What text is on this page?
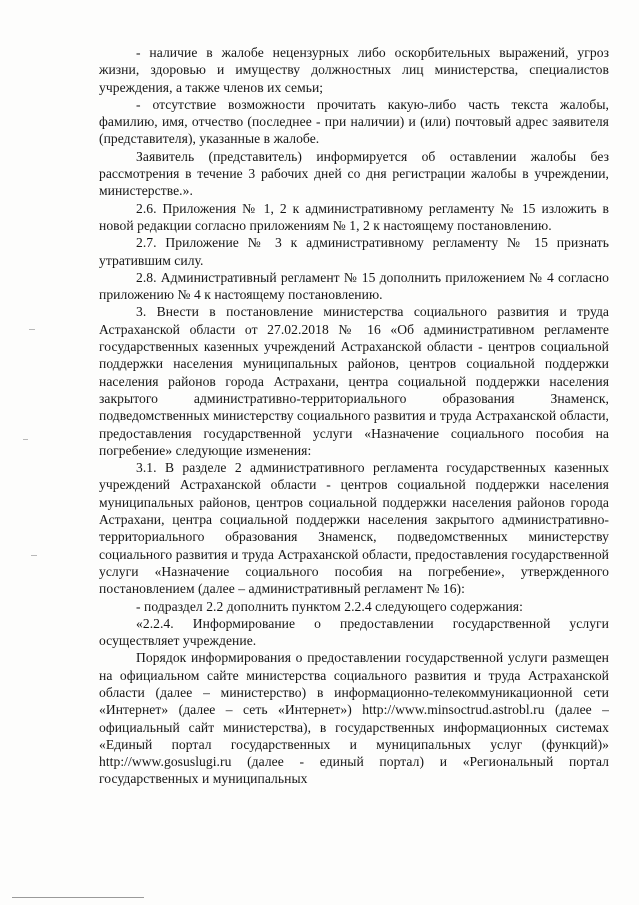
- наличие в жалобе нецензурных либо оскорбительных выражений, угроз жизни, здоровью и имуществу должностных лиц министерства, специалистов учреждения, а также членов их семьи;

- отсутствие возможности прочитать какую-либо часть текста жалобы, фамилию, имя, отчество (последнее - при наличии) и (или) почтовый адрес заявителя (представителя), указанные в жалобе.

Заявитель (представитель) информируется об оставлении жалобы без рассмотрения в течение 3 рабочих дней со дня регистрации жалобы в учреждении, министерстве.».

2.6. Приложения № 1, 2 к административному регламенту № 15 изложить в новой редакции согласно приложениям № 1, 2 к настоящему постановлению.

2.7. Приложение № 3 к административному регламенту № 15 признать утратившим силу.

2.8. Административный регламент № 15 дополнить приложением № 4 согласно приложению № 4 к настоящему постановлению.

3. Внести в постановление министерства социального развития и труда Астраханской области от 27.02.2018 № 16 «Об административном регламенте государственных казенных учреждений Астраханской области - центров социальной поддержки населения муниципальных районов, центров социальной поддержки населения районов города Астрахани, центра социальной поддержки населения закрытого административно-территориального образования Знаменск, подведомственных министерству социального развития и труда Астраханской области, предоставления государственной услуги «Назначение социального пособия на погребение» следующие изменения:

3.1. В разделе 2 административного регламента государственных казенных учреждений Астраханской области - центров социальной поддержки населения муниципальных районов, центров социальной поддержки населения районов города Астрахани, центра социальной поддержки населения закрытого административно-территориального образования Знаменск, подведомственных министерству социального развития и труда Астраханской области, предоставления государственной услуги «Назначение социального пособия на погребение», утвержденного постановлением (далее – административный регламент № 16):

- подраздел 2.2 дополнить пунктом 2.2.4 следующего содержания:

«2.2.4. Информирование о предоставлении государственной услуги осуществляет учреждение.

Порядок информирования о предоставлении государственной услуги размещен на официальном сайте министерства социального развития и труда Астраханской области (далее – министерство) в информационно-телекоммуникационной сети «Интернет» (далее – сеть «Интернет») http://www.minsoctrud.astrobl.ru (далее – официальный сайт министерства), в государственных информационных системах «Единый портал государственных и муниципальных услуг (функций)» http://www.gosuslugi.ru (далее - единый портал) и «Региональный портал государственных и муниципальных
